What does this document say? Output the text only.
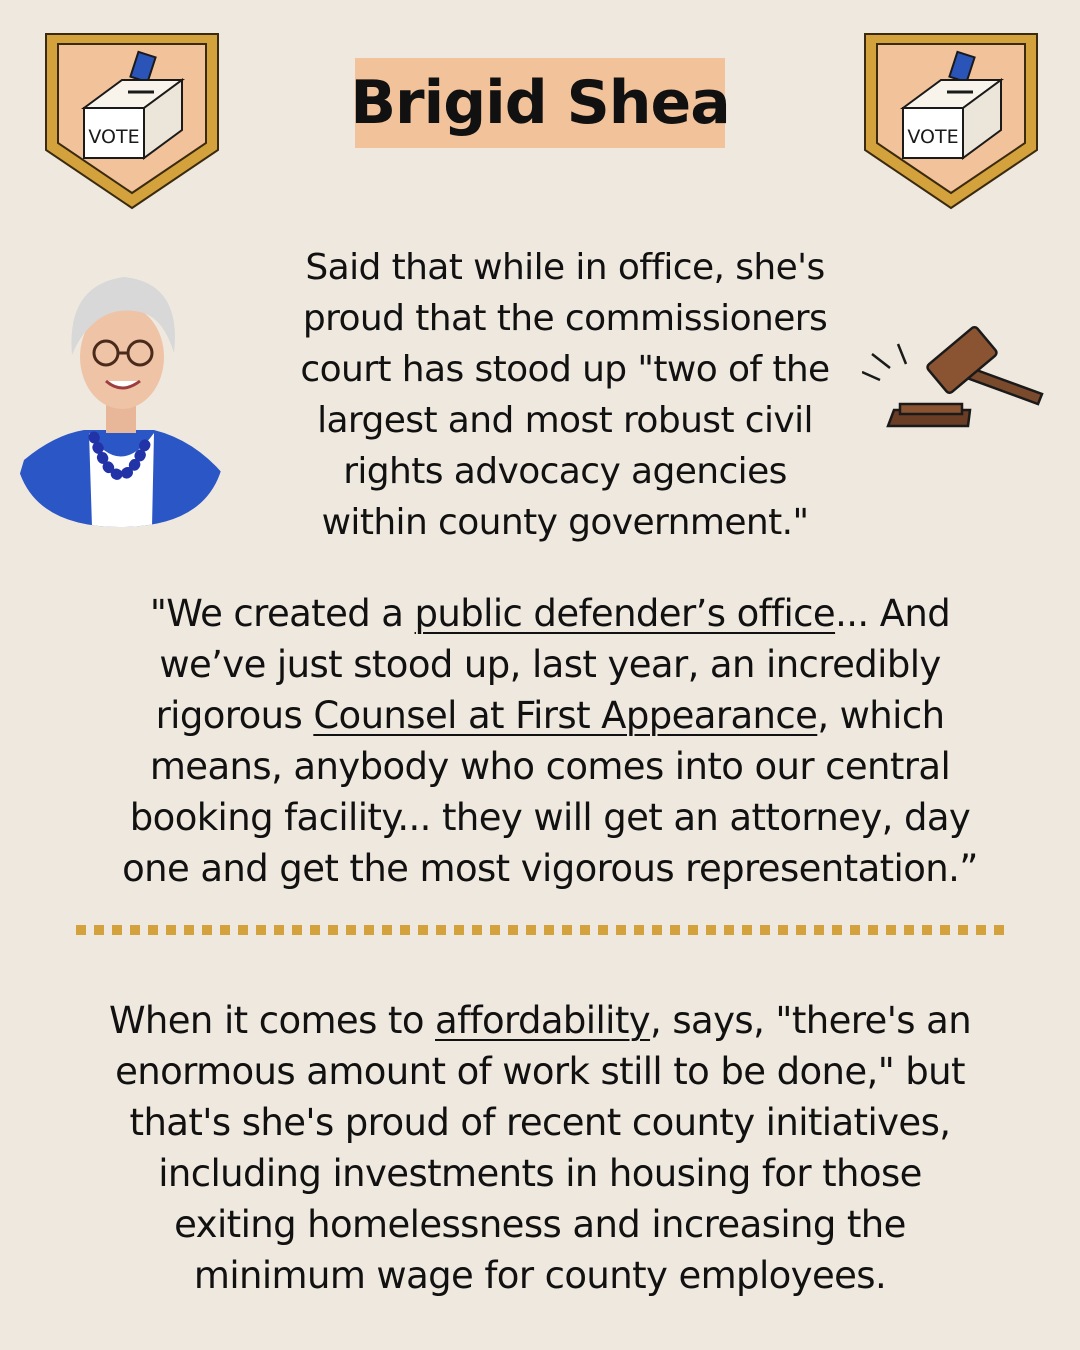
VOTE	Brigid Shea	VOTE

Said that while in office, she's
proud that the commissioners
court has stood up "two of the
largest and most robust civil
rights advocacy agencies
within county government."

"We created a public defender’s office... And
we’ve just stood up, last year, an incredibly
rigorous Counsel at First Appearance, which
means, anybody who comes into our central
booking facility... they will get an attorney, day
one and get the most vigorous representation.”

When it comes to affordability, says, "there's an
enormous amount of work still to be done," but
that's she's proud of recent county initiatives,
including investments in housing for those
exiting homelessness and increasing the
minimum wage for county employees.
